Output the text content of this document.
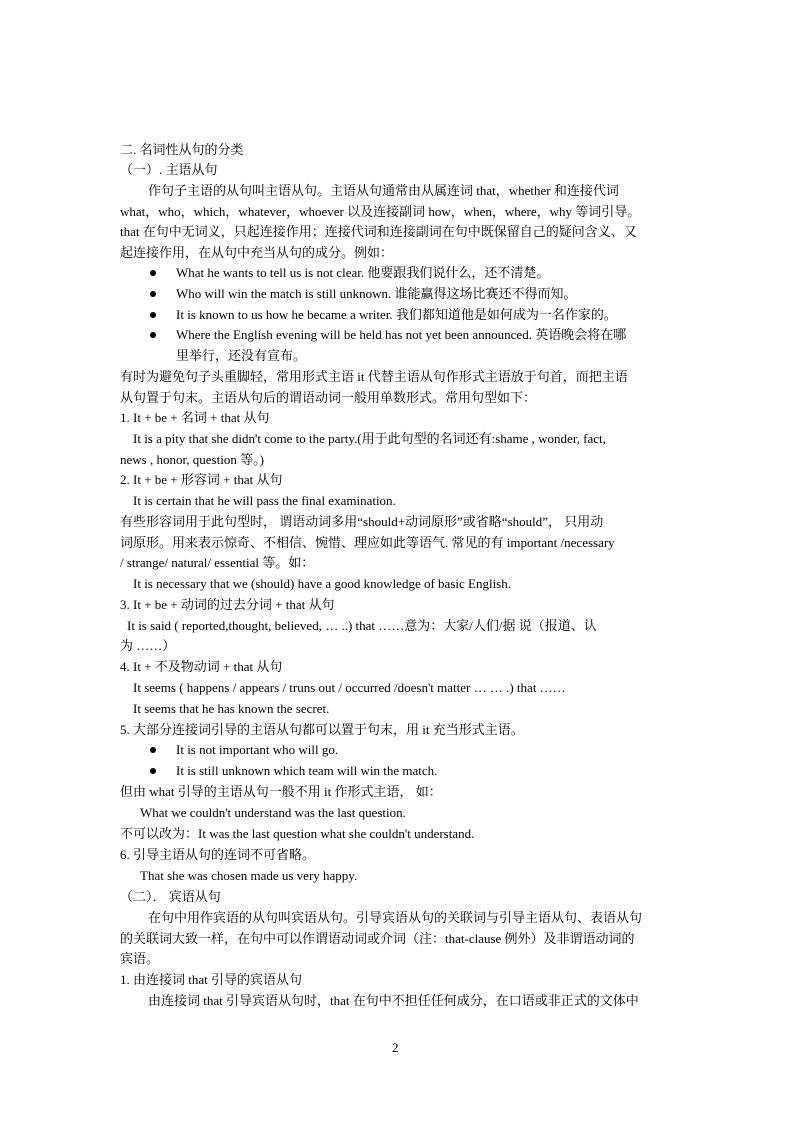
二. 名词性从句的分类
（一）. 主语从句
作句子主语的从句叫主语从句。主语从句通常由从属连词 that，whether 和连接代词
what，who，which，whatever，whoever 以及连接副词 how，when，where，why 等词引导。
that 在句中无词义，只起连接作用；连接代词和连接副词在句中既保留自己的疑问含义、又
起连接作用，在从句中充当从句的成分。例如：
What he wants to tell us is not clear. 他要跟我们说什么，还不清楚。
Who will win the match is still unknown. 谁能赢得这场比赛还不得而知。
It is known to us how he became a writer. 我们都知道他是如何成为一名作家的。
Where the English evening will be held has not yet been announced. 英语晚会将在哪
里举行，还没有宣布。
有时为避免句子头重脚轻，常用形式主语 it 代替主语从句作形式主语放于句首，而把主语
从句置于句末。主语从句后的谓语动词一般用单数形式。常用句型如下：
1. It + be + 名词 + that 从句
It is a pity that she didn't come to the party.(用于此句型的名词还有:shame , wonder, fact,
news , honor, question 等。)
2. It + be + 形容词 + that 从句
It is certain that he will pass the final examination.
有些形容词用于此句型时， 谓语动词多用“should+动词原形”或省略“should”， 只用动
词原形。用来表示惊奇、不相信、惋惜、理应如此等语气. 常见的有 important /necessary
/ strange/ natural/ essential 等。如：
It is necessary that we (should) have a good knowledge of basic English.
3. It + be + 动词的过去分词 + that 从句
It is said ( reported,thought, believed, … ..) that ……意为：大家/人们/据 说（报道、认
为 ……）
4. It + 不及物动词 + that 从句
It seems ( happens / appears / truns out / occurred /doesn't matter … … .) that ……
It seems that he has known the secret.
5. 大部分连接词引导的主语从句都可以置于句末，用 it 充当形式主语。
It is not important who will go.
It is still unknown which team will win the match.
但由 what 引导的主语从句一般不用 it 作形式主语， 如：
What we couldn't understand was the last question.
不可以改为：It was the last question what she couldn't understand.
6. 引导主语从句的连词不可省略。
That she was chosen made us very happy.
（二）． 宾语从句
在句中用作宾语的从句叫宾语从句。引导宾语从句的关联词与引导主语从句、表语从句
的关联词大致一样，在句中可以作谓语动词或介词（注：that-clause 例外）及非谓语动词的
宾语。
1. 由连接词 that 引导的宾语从句
由连接词 that 引导宾语从句时，that 在句中不担任任何成分，在口语或非正式的文体中
2
